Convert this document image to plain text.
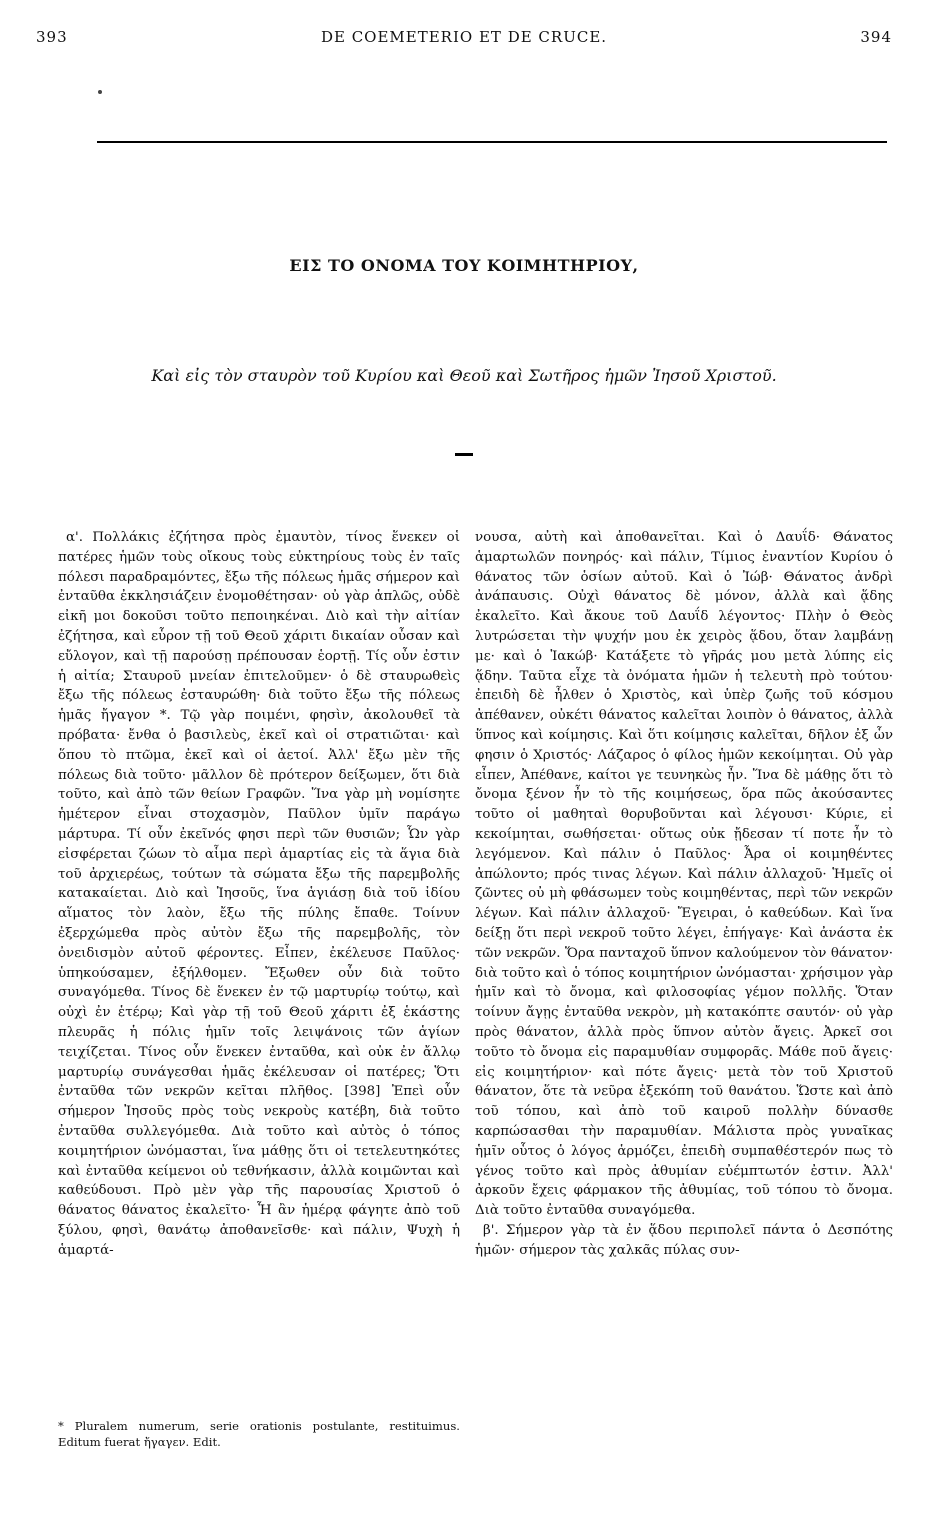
393	DE COEMETERIO ET DE CRUCE.	394
ΕΙΣ ΤΟ ΟΝΟΜΑ ΤΟΥ ΚΟΙΜΗΤΗΡΙΟΥ,
Καὶ εἰς τὸν σταυρὸν τοῦ Κυρίου καὶ Θεοῦ καὶ Σωτῆρος ἡμῶν Ἰησοῦ Χριστοῦ.

α'. Πολλάκις ἐζήτησα πρὸς ἐμαυτὸν, τίνος ἕνεκεν οἱ πατέρες ἡμῶν τοὺς οἴκους τοὺς εὐκτηρίους τοὺς ἐν ταῖς πόλεσι παραδραμόντες, ἔξω τῆς πόλεως ἡμᾶς σήμερον καὶ ἐνταῦθα ἐκκλησιάζειν ἐνομοθέτησαν· οὐ γὰρ ἁπλῶς, οὐδὲ εἰκῆ μοι δοκοῦσι τοῦτο πεποιηκέναι. Διὸ καὶ τὴν αἰτίαν ἐζήτησα, καὶ εὗρον τῇ τοῦ Θεοῦ χάριτι δικαίαν οὖσαν καὶ εὔλογον, καὶ τῇ παρούσῃ πρέπουσαν ἑορτῇ. Τίς οὖν ἐστιν ἡ αἰτία; Σταυροῦ μνείαν ἐπιτελοῦμεν· ὁ δὲ σταυρωθεὶς ἔξω τῆς πόλεως ἐσταυρώθη· διὰ τοῦτο ἔξω τῆς πόλεως ἡμᾶς ἤγαγον *. Τῷ γὰρ ποιμένι, φησὶν, ἀκολουθεῖ τὰ πρόβατα· ἔνθα ὁ βασιλεὺς, ἐκεῖ καὶ οἱ στρατιῶται· καὶ ὅπου τὸ πτῶμα, ἐκεῖ καὶ οἱ ἀετοί. Ἀλλ' ἔξω μὲν τῆς πόλεως διὰ τοῦτο· μᾶλλον δὲ πρότερον δείξωμεν, ὅτι διὰ τοῦτο, καὶ ἀπὸ τῶν θείων Γραφῶν. Ἵνα γὰρ μὴ νομίσητε ἡμέτερον εἶναι στοχασμὸν, Παῦλον ὑμῖν παράγω μάρτυρα. Τί οὖν ἐκεῖνός φησι περὶ τῶν θυσιῶν; Ὧν γὰρ εἰσφέρεται ζώων τὸ αἷμα περὶ ἁμαρτίας εἰς τὰ ἅγια διὰ τοῦ ἀρχιερέως, τούτων τὰ σώματα ἔξω τῆς παρεμβολῆς κατακαίεται. Διὸ καὶ Ἰησοῦς, ἵνα ἁγιάσῃ διὰ τοῦ ἰδίου αἵματος τὸν λαὸν, ἔξω τῆς πύλης ἔπαθε. Τοίνυν ἐξερχώμεθα πρὸς αὐτὸν ἔξω τῆς παρεμβολῆς, τὸν ὀνειδισμὸν αὐτοῦ φέροντες. Εἶπεν, ἐκέλευσε Παῦλος· ὑπηκούσαμεν, ἐξήλθομεν. Ἔξωθεν οὖν διὰ τοῦτο συναγόμεθα. Τίνος δὲ ἕνεκεν ἐν τῷ μαρτυρίῳ τούτῳ, καὶ οὐχὶ ἐν ἑτέρῳ; Καὶ γὰρ τῇ τοῦ Θεοῦ χάριτι ἐξ ἑκάστης πλευρᾶς ἡ πόλις ἡμῖν τοῖς λειψάνοις τῶν ἁγίων τειχίζεται. Τίνος οὖν ἕνεκεν ἐνταῦθα, καὶ οὐκ ἐν ἄλλῳ μαρτυρίῳ συνάγεσθαι ἡμᾶς ἐκέλευσαν οἱ πατέρες; Ὅτι ἐνταῦθα τῶν νεκρῶν κεῖται πλῆθος. [398] Ἐπεὶ οὖν σήμερον Ἰησοῦς πρὸς τοὺς νεκροὺς κατέβη, διὰ τοῦτο ἐνταῦθα συλλεγόμεθα. Διὰ τοῦτο καὶ αὐτὸς ὁ τόπος κοιμητήριον ὠνόμασται, ἵνα μάθῃς ὅτι οἱ τετελευτηκότες καὶ ἐνταῦθα κείμενοι οὐ τεθνήκασιν, ἀλλὰ κοιμῶνται καὶ καθεύδουσι. Πρὸ μὲν γὰρ τῆς παρουσίας Χριστοῦ ὁ θάνατος θάνατος ἐκαλεῖτο· Ἧ ἂν ἡμέρᾳ φάγητε ἀπὸ τοῦ ξύλου, φησὶ, θανάτῳ ἀποθανεῖσθε· καὶ πάλιν, Ψυχὴ ἡ ἁμαρτά-

νουσα, αὐτὴ καὶ ἀποθανεῖται. Καὶ ὁ Δαυΐδ· Θάνατος ἁμαρτωλῶν πονηρός· καὶ πάλιν, Τίμιος ἐναντίον Κυρίου ὁ θάνατος τῶν ὁσίων αὐτοῦ. Καὶ ὁ Ἰώβ· Θάνατος ἀνδρὶ ἀνάπαυσις. Οὐχὶ θάνατος δὲ μόνον, ἀλλὰ καὶ ᾅδης ἐκαλεῖτο. Καὶ ἄκουε τοῦ Δαυΐδ λέγοντος· Πλὴν ὁ Θεὸς λυτρώσεται τὴν ψυχήν μου ἐκ χειρὸς ᾅδου, ὅταν λαμβάνῃ με· καὶ ὁ Ἰακώβ· Κατάξετε τὸ γῆράς μου μετὰ λύπης εἰς ᾅδην. Ταῦτα εἶχε τὰ ὀνόματα ἡμῶν ἡ τελευτὴ πρὸ τούτου· ἐπειδὴ δὲ ἦλθεν ὁ Χριστὸς, καὶ ὑπὲρ ζωῆς τοῦ κόσμου ἀπέθανεν, οὐκέτι θάνατος καλεῖται λοιπὸν ὁ θάνατος, ἀλλὰ ὕπνος καὶ κοίμησις. Καὶ ὅτι κοίμησις καλεῖται, δῆλον ἐξ ὧν φησιν ὁ Χριστός· Λάζαρος ὁ φίλος ἡμῶν κεκοίμηται. Οὐ γὰρ εἶπεν, Ἀπέθανε, καίτοι γε τευνηκὼς ἦν. Ἵνα δὲ μάθῃς ὅτι τὸ ὄνομα ξένον ἦν τὸ τῆς κοιμήσεως, ὅρα πῶς ἀκούσαντες τοῦτο οἱ μαθηταὶ θορυβοῦνται καὶ λέγουσι· Κύριε, εἰ κεκοίμηται, σωθήσεται· οὕτως οὐκ ᾔδεσαν τί ποτε ἦν τὸ λεγόμενον. Καὶ πάλιν ὁ Παῦλος· Ἆρα οἱ κοιμηθέντες ἀπώλοντο; πρός τινας λέγων. Καὶ πάλιν ἀλλαχοῦ· Ἡμεῖς οἱ ζῶντες οὐ μὴ φθάσωμεν τοὺς κοιμηθέντας, περὶ τῶν νεκρῶν λέγων. Καὶ πάλιν ἀλλαχοῦ· Ἔγειραι, ὁ καθεύδων. Καὶ ἵνα δείξῃ ὅτι περὶ νεκροῦ τοῦτο λέγει, ἐπήγαγε· Καὶ ἀνάστα ἐκ τῶν νεκρῶν. Ὅρα πανταχοῦ ὕπνον καλούμενον τὸν θάνατον· διὰ τοῦτο καὶ ὁ τόπος κοιμητήριον ὠνόμασται· χρήσιμον γὰρ ἡμῖν καὶ τὸ ὄνομα, καὶ φιλοσοφίας γέμον πολλῆς. Ὅταν τοίνυν ἄγῃς ἐνταῦθα νεκρὸν, μὴ κατακόπτε σαυτόν· οὐ γὰρ πρὸς θάνατον, ἀλλὰ πρὸς ὕπνον αὐτὸν ἄγεις. Ἀρκεῖ σοι τοῦτο τὸ ὄνομα εἰς παραμυθίαν συμφορᾶς. Μάθε ποῦ ἄγεις· εἰς κοιμητήριον· καὶ πότε ἄγεις· μετὰ τὸν τοῦ Χριστοῦ θάνατον, ὅτε τὰ νεῦρα ἐξεκόπη τοῦ θανάτου. Ὥστε καὶ ἀπὸ τοῦ τόπου, καὶ ἀπὸ τοῦ καιροῦ πολλὴν δύνασθε καρπώσασθαι τὴν παραμυθίαν. Μάλιστα πρὸς γυναῖκας ἡμῖν οὗτος ὁ λόγος ἁρμόζει, ἐπειδὴ συμπαθέστερόν πως τὸ γένος τοῦτο καὶ πρὸς ἀθυμίαν εὐέμπτωτόν ἐστιν. Ἀλλ' ἀρκοῦν ἔχεις φάρμακον τῆς ἀθυμίας, τοῦ τόπου τὸ ὄνομα. Διὰ τοῦτο ἐνταῦθα συναγόμεθα.

β'. Σήμερον γὰρ τὰ ἐν ᾅδου περιπολεῖ πάντα ὁ Δεσπότης ἡμῶν· σήμερον τὰς χαλκᾶς πύλας συν-

* Pluralem numerum, serie orationis postulante, restituimus. Editum fuerat ἤγαγεν. Edit.
